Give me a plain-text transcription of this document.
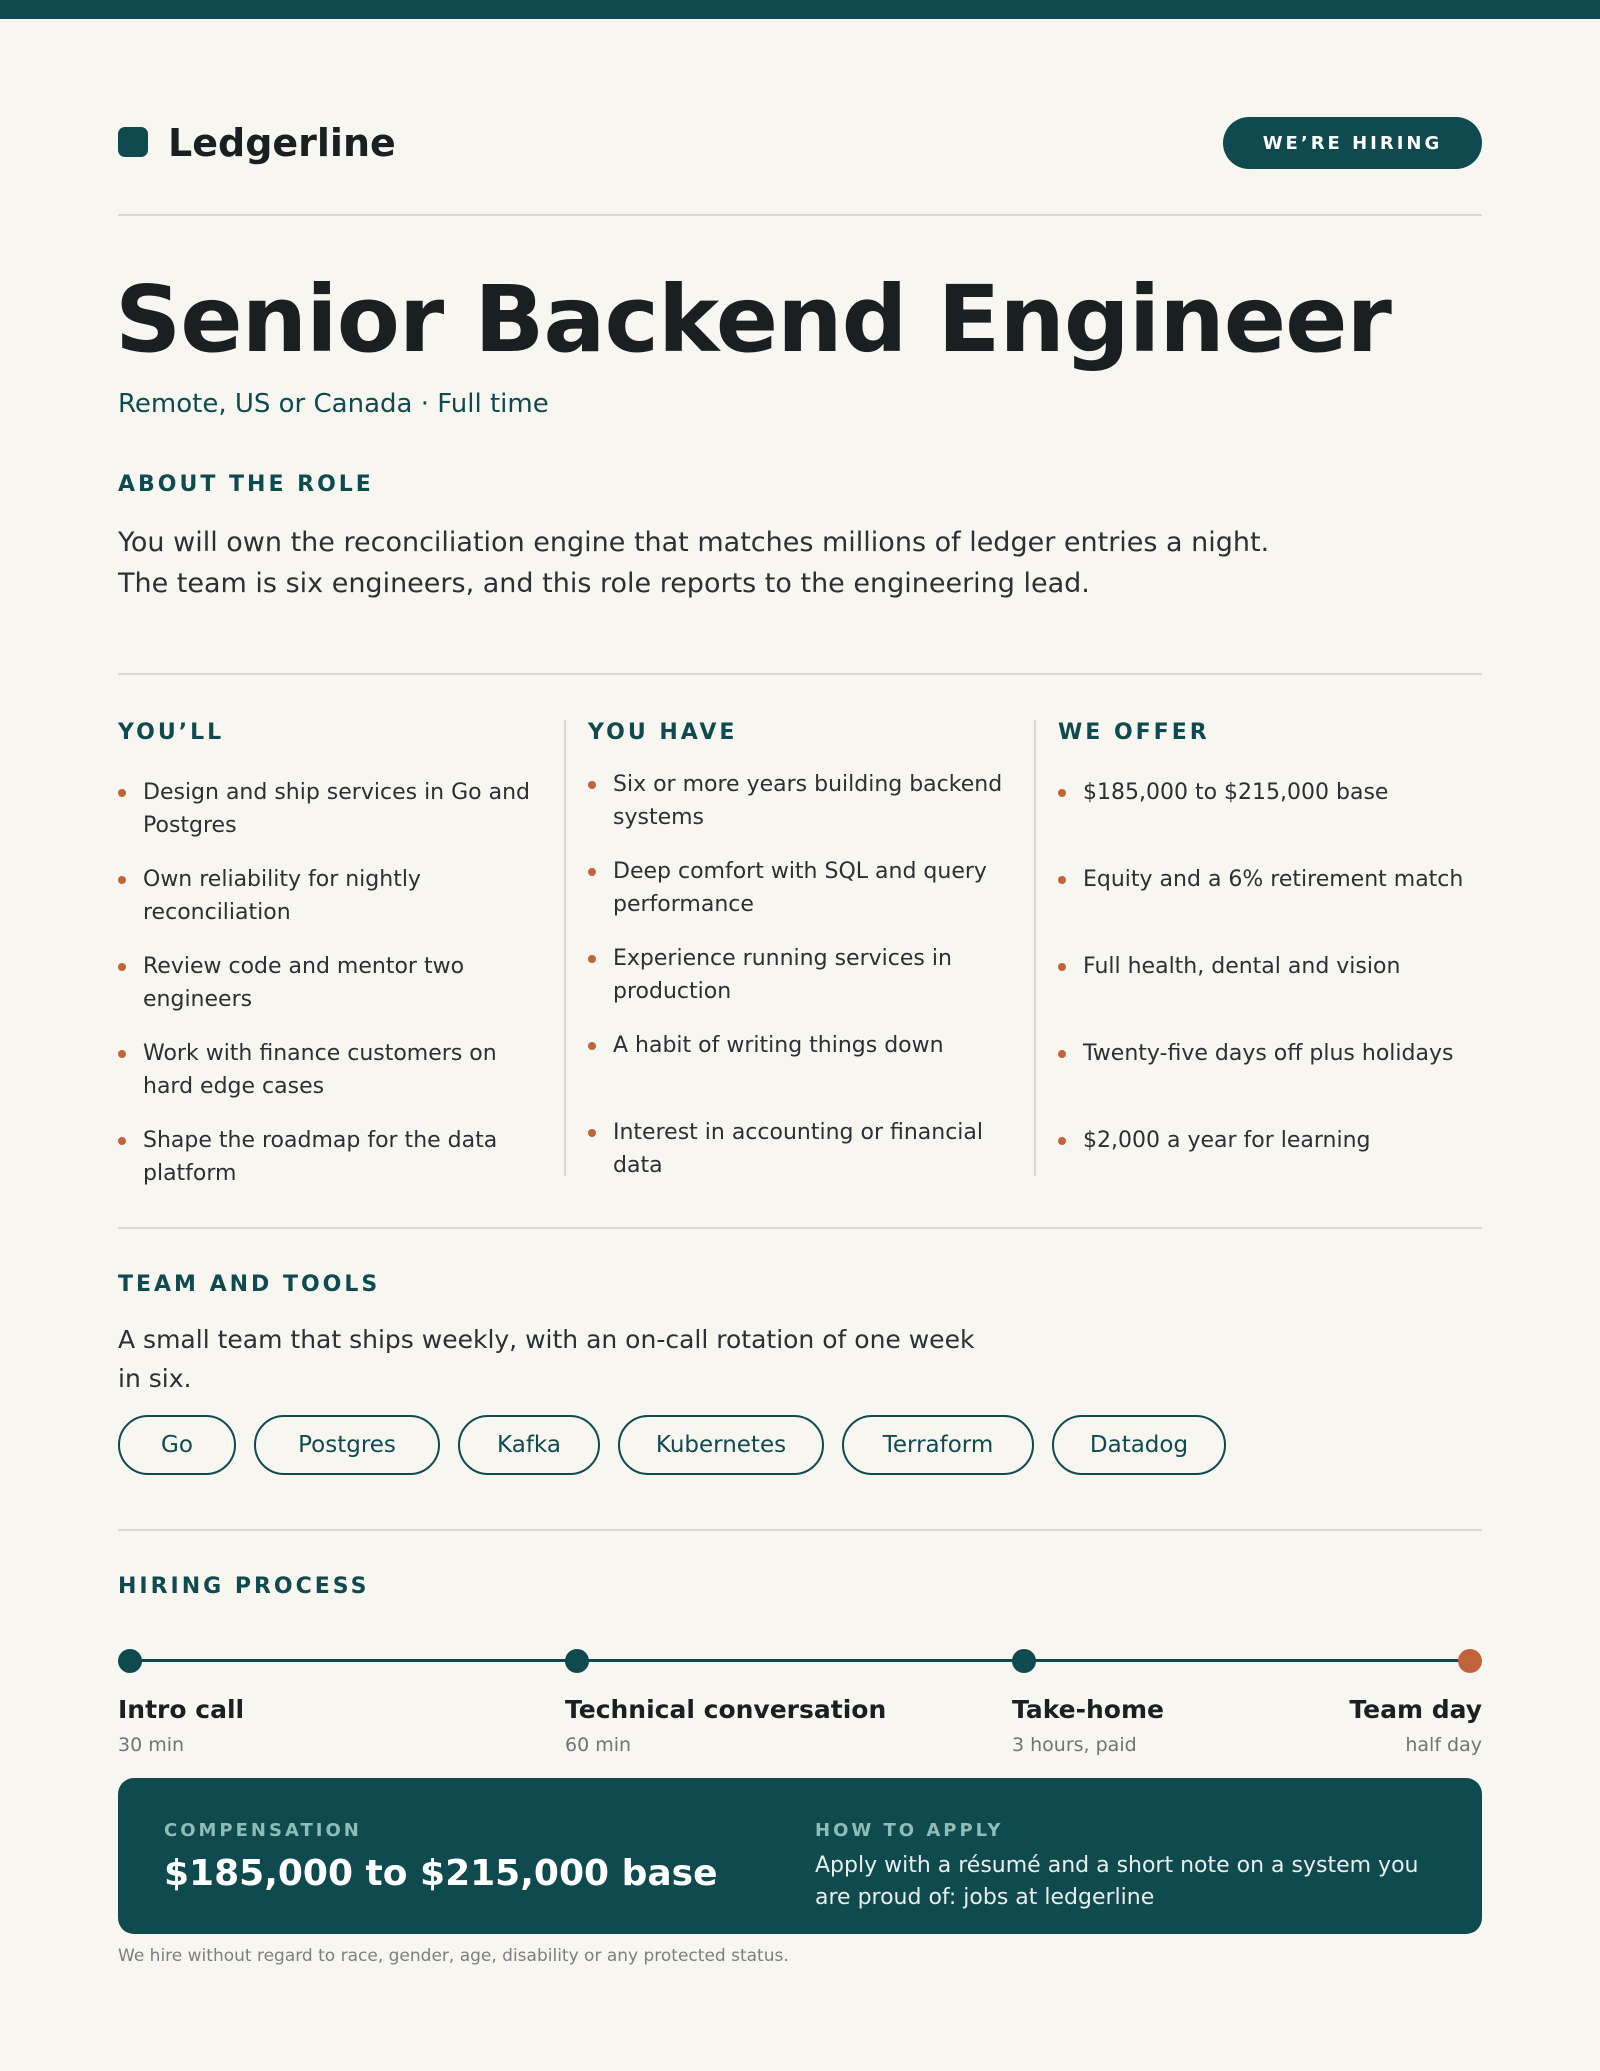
Ledgerline	WE’RE HIRING
Senior Backend Engineer
Remote, US or Canada · Full time
ABOUT THE ROLE
You will own the reconciliation engine that matches millions of ledger entries a night.
The team is six engineers, and this role reports to the engineering lead.
YOU’LL
Design and ship services in Go and Postgres
Own reliability for nightly reconciliation
Review code and mentor two engineers
Work with finance customers on hard edge cases
Shape the roadmap for the data platform
YOU HAVE
Six or more years building backend systems
Deep comfort with SQL and query performance
Experience running services in production
A habit of writing things down
Interest in accounting or financial data
WE OFFER
$185,000 to $215,000 base
Equity and a 6% retirement match
Full health, dental and vision
Twenty-five days off plus holidays
$2,000 a year for learning
TEAM AND TOOLS
A small team that ships weekly, with an on-call rotation of one week
in six.
Go	Postgres	Kafka	Kubernetes	Terraform	Datadog
HIRING PROCESS
Intro call
30 min
Technical conversation
60 min
Take-home
3 hours, paid
Team day
half day
COMPENSATION
$185,000 to $215,000 base
HOW TO APPLY
Apply with a résumé and a short note on a system you
are proud of: jobs at ledgerline
We hire without regard to race, gender, age, disability or any protected status.
